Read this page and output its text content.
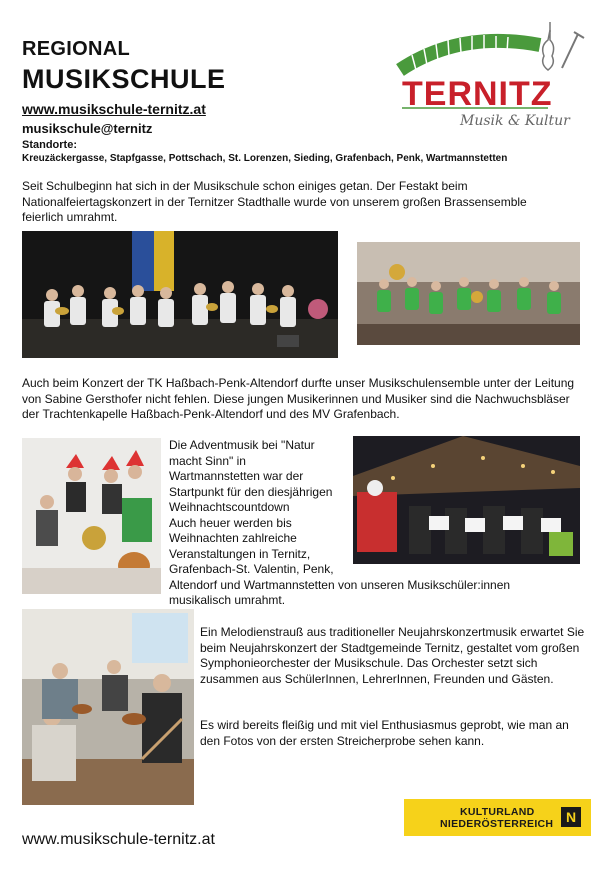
REGIONAL
MUSIKSCHULE
www.musikschule-ternitz.at
musikschule@ternitz
Standorte:
Kreuzäckergasse, Stapfgasse, Pottschach, St. Lorenzen, Sieding, Grafenbach, Penk, Wartmannstetten
TERNITZ
Musik & Kultur
Seit Schulbeginn hat sich in der Musikschule schon einiges getan. Der Festakt beim Nationalfeiertagskonzert in der Ternitzer Stadthalle wurde von unserem großen Brassensemble feierlich umrahmt.
Auch beim Konzert der TK Haßbach-Penk-Altendorf durfte unser Musikschulensemble unter der Leitung von Sabine Gersthofer nicht fehlen. Diese jungen Musikerinnen und Musiker sind die Nachwuchsbläser der Trachtenkapelle Haßbach-Penk-Altendorf und des MV Grafenbach.
Die Adventmusik bei "Natur
macht Sinn" in
Wartmannstetten war der
Startpunkt für den diesjährigen
Weihnachtscountdown
Auch heuer werden bis
Weihnachten zahlreiche
Veranstaltungen in Ternitz,
Grafenbach-St. Valentin, Penk,
Altendorf und Wartmannstetten von unseren Musikschüler:innen
musikalisch umrahmt.
Ein Melodienstrauß aus traditioneller Neujahrskonzertmusik erwartet Sie beim Neujahrskonzert der Stadtgemeinde Ternitz, gestaltet vom großen Symphonieorchester der Musikschule. Das Orchester setzt sich zusammen aus SchülerInnen, LehrerInnen, Freunden und Gästen.
Es wird bereits fleißig und mit viel Enthusiasmus geprobt, wie man an den Fotos von der ersten Streicherprobe sehen kann.
www.musikschule-ternitz.at
KULTURLAND
NIEDERÖSTERREICH N
